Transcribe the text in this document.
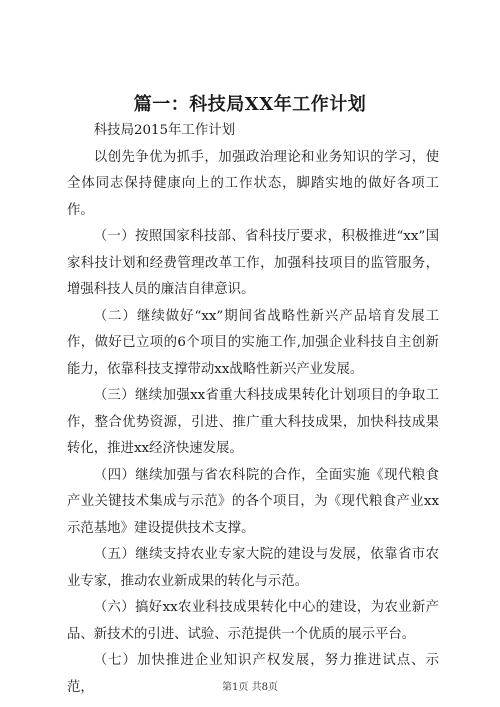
篇一：科技局XX年工作计划

科技局2015年工作计划

以创先争优为抓手，加强政治理论和业务知识的学习，使全体同志保持健康向上的工作状态，脚踏实地的做好各项工作。

（一）按照国家科技部、省科技厅要求，积极推进“xx”国家科技计划和经费管理改革工作，加强科技项目的监管服务，增强科技人员的廉洁自律意识。

（二）继续做好“xx”期间省战略性新兴产品培育发展工作，做好已立项的6个项目的实施工作,加强企业科技自主创新能力，依靠科技支撑带动xx战略性新兴产业发展。

（三）继续加强xx省重大科技成果转化计划项目的争取工作，整合优势资源，引进、推广重大科技成果，加快科技成果转化，推进xx经济快速发展。

（四）继续加强与省农科院的合作，全面实施《现代粮食产业关键技术集成与示范》的各个项目，为《现代粮食产业xx示范基地》建设提供技术支撑。

（五）继续支持农业专家大院的建设与发展，依靠省市农业专家，推动农业新成果的转化与示范。

（六）搞好xx农业科技成果转化中心的建设，为农业新产品、新技术的引进、试验、示范提供一个优质的展示平台。

（七）加快推进企业知识产权发展，努力推进试点、示范，	第1页 共8页
